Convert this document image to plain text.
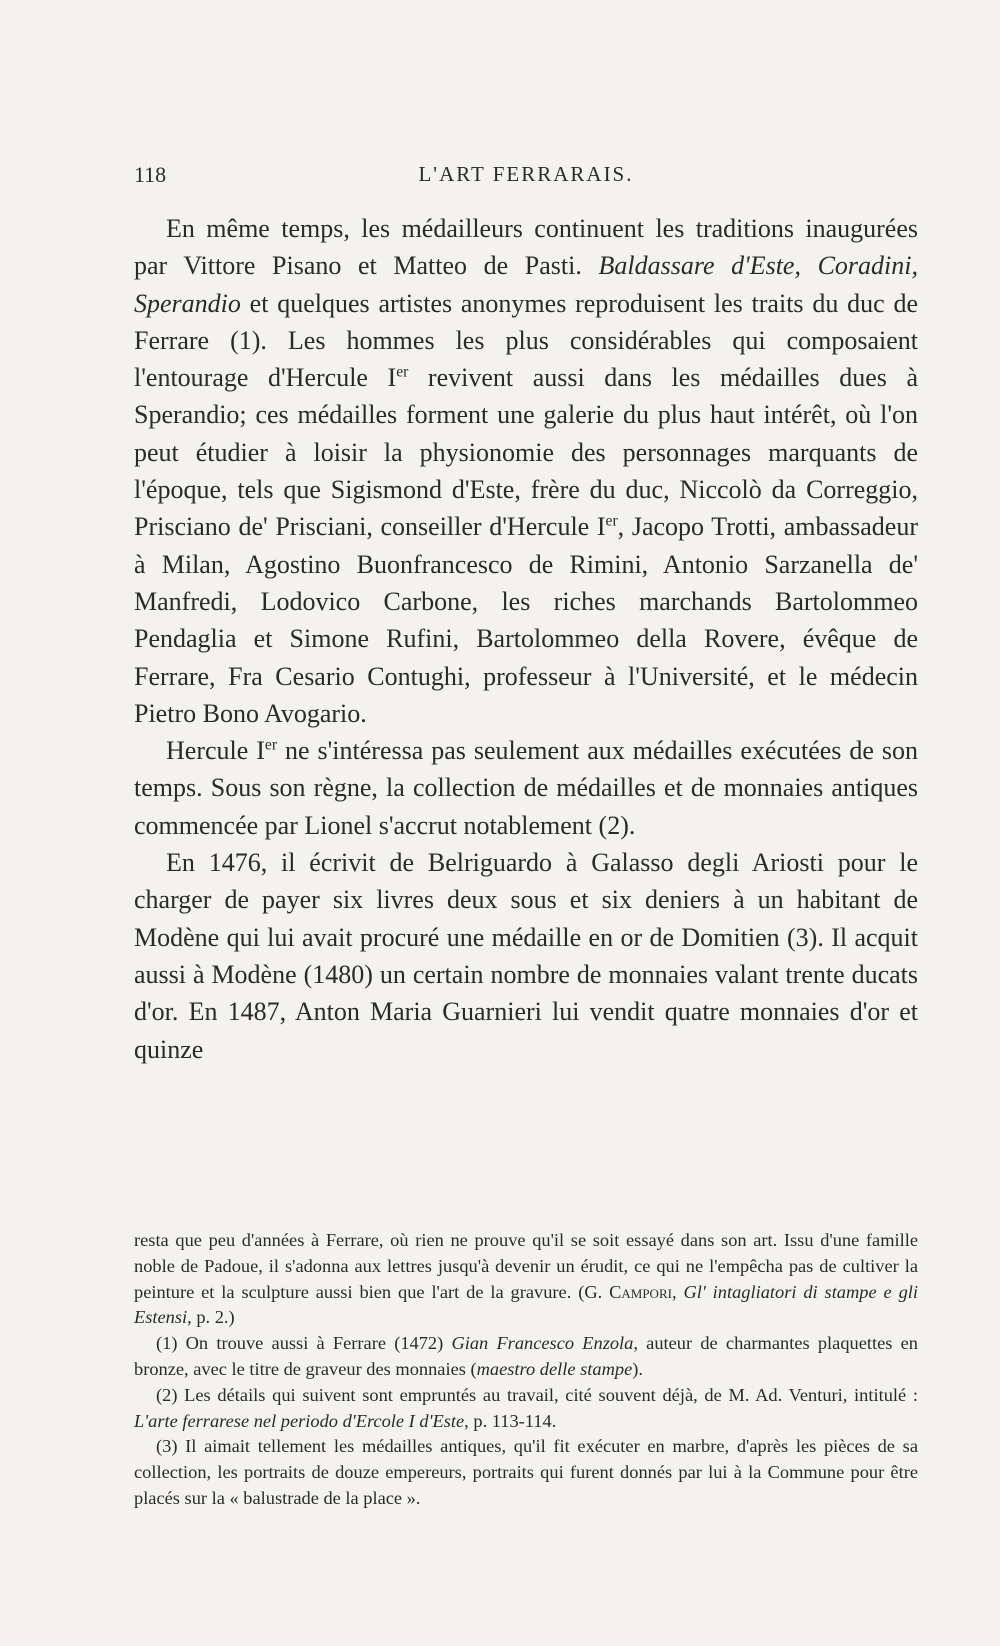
118	L'ART FERRARAIS.

En même temps, les médailleurs continuent les traditions inaugurées par Vittore Pisano et Matteo de Pasti. Baldassare d'Este, Coradini, Sperandio et quelques artistes anonymes reproduisent les traits du duc de Ferrare (1). Les hommes les plus considérables qui composaient l'entourage d'Hercule Ier revivent aussi dans les médailles dues à Sperandio; ces médailles forment une galerie du plus haut intérêt, où l'on peut étudier à loisir la physionomie des personnages marquants de l'époque, tels que Sigismond d'Este, frère du duc, Niccolò da Correggio, Prisciano de' Prisciani, conseiller d'Hercule Ier, Jacopo Trotti, ambassadeur à Milan, Agostino Buonfrancesco de Rimini, Antonio Sarzanella de' Manfredi, Lodovico Carbone, les riches marchands Bartolommeo Pendaglia et Simone Rufini, Bartolommeo della Rovere, évêque de Ferrare, Fra Cesario Contughi, professeur à l'Université, et le médecin Pietro Bono Avogario.

Hercule Ier ne s'intéressa pas seulement aux médailles exécutées de son temps. Sous son règne, la collection de médailles et de monnaies antiques commencée par Lionel s'accrut notablement (2).

En 1476, il écrivit de Belriguardo à Galasso degli Ariosti pour le charger de payer six livres deux sous et six deniers à un habitant de Modène qui lui avait procuré une médaille en or de Domitien (3). Il acquit aussi à Modène (1480) un certain nombre de monnaies valant trente ducats d'or. En 1487, Anton Maria Guarnieri lui vendit quatre monnaies d'or et quinze

resta que peu d'années à Ferrare, où rien ne prouve qu'il se soit essayé dans son art. Issu d'une famille noble de Padoue, il s'adonna aux lettres jusqu'à devenir un érudit, ce qui ne l'empêcha pas de cultiver la peinture et la sculpture aussi bien que l'art de la gravure. (G. Campori, Gl' intagliatori di stampe e gli Estensi, p. 2.)

(1) On trouve aussi à Ferrare (1472) Gian Francesco Enzola, auteur de charmantes plaquettes en bronze, avec le titre de graveur des monnaies (maestro delle stampe).

(2) Les détails qui suivent sont empruntés au travail, cité souvent déjà, de M. Ad. Venturi, intitulé : L'arte ferrarese nel periodo d'Ercole I d'Este, p. 113-114.

(3) Il aimait tellement les médailles antiques, qu'il fit exécuter en marbre, d'après les pièces de sa collection, les portraits de douze empereurs, portraits qui furent donnés par lui à la Commune pour être placés sur la « balustrade de la place ».
